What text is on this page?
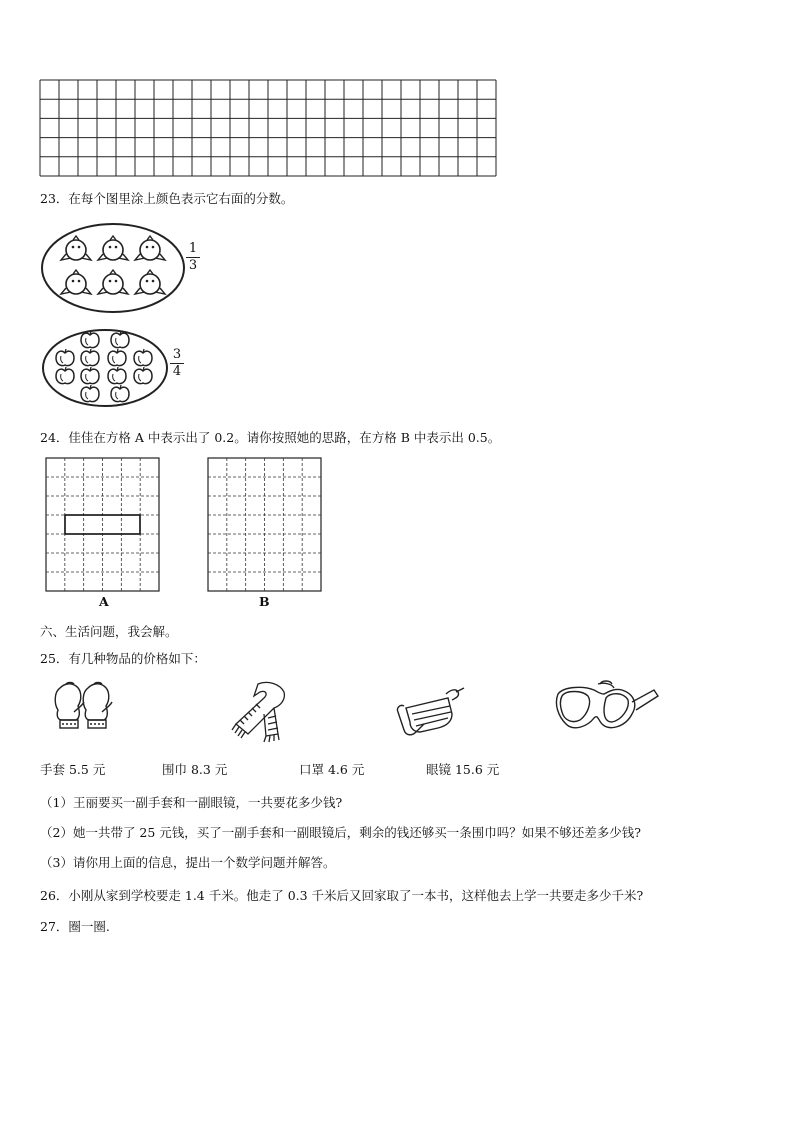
23．在每个图里涂上颜色表示它右面的分数。
1
3
3
4
24．佳佳在方格 A 中表示出了 0.2。请你按照她的思路，在方格 B 中表示出 0.5。
A	B
六、生活问题，我会解。
25．有几种物品的价格如下：
手套 5.5 元	围巾 8.3 元	口罩 4.6 元	眼镜 15.6 元
（1）王丽要买一副手套和一副眼镜，一共要花多少钱?
（2）她一共带了 25 元钱，买了一副手套和一副眼镜后，剩余的钱还够买一条围巾吗？如果不够还差多少钱?
（3）请你用上面的信息，提出一个数学问题并解答。
26．小刚从家到学校要走 1.4 千米。他走了 0.3 千米后又回家取了一本书，这样他去上学一共要走多少千米?
27．圈一圈.
